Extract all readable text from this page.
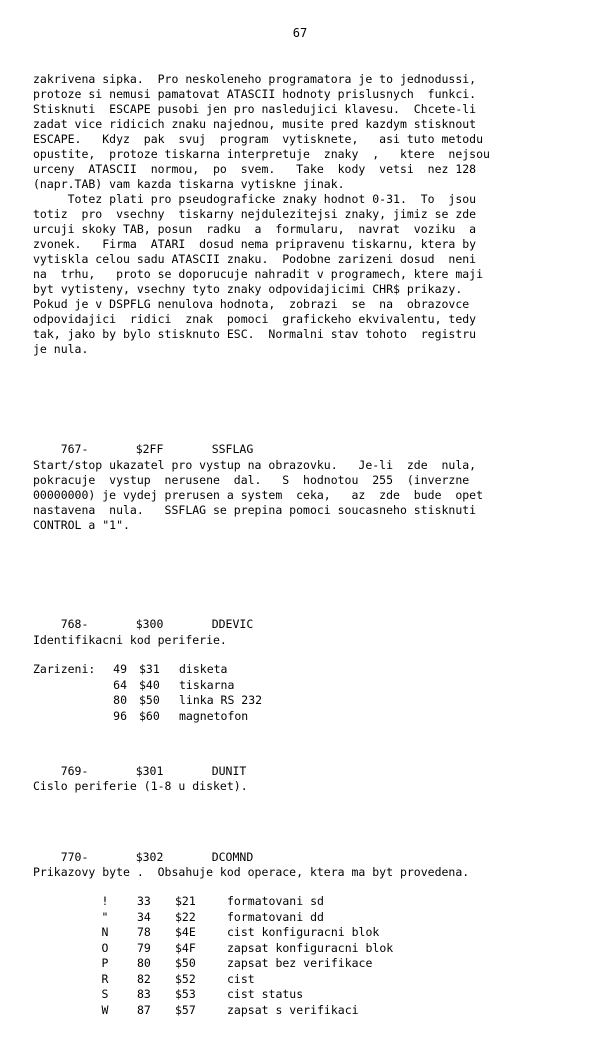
67
zakrivena sipka.  Pro neskoleneho programatora je to jednodussi,
protoze si nemusi pamatovat ATASCII hodnoty prislusnych  funkci.
Stisknuti  ESCAPE pusobi jen pro nasledujici klavesu.  Chcete-li
zadat vice ridicich znaku najednou, musite pred kazdym stisknout
ESCAPE.   Kdyz  pak  svuj  program  vytisknete,   asi tuto metodu
opustite,  protoze tiskarna interpretuje  znaky  ,   ktere  nejsou
urceny  ATASCII  normou,  po  svem.   Take  kody  vetsi  nez 128
(napr.TAB) vam kazda tiskarna vytiskne jinak.
Totez plati pro pseudograficke znaky hodnot 0-31.  To  jsou
totiz  pro  vsechny  tiskarny nejdulezitejsi znaky, jimiz se zde
urcuji skoky TAB, posun  radku  a  formularu,  navrat  voziku  a
zvonek.   Firma  ATARI  dosud nema pripravenu tiskarnu, ktera by
vytiskla celou sadu ATASCII znaku.  Podobne zarizeni dosud  neni
na  trhu,   proto se doporucuje nahradit v programech, ktere maji
byt vytisteny, vsechny tyto znaky odpovidajicimi CHR$ prikazy.
Pokud je v DSPFLG nenulova hodnota,  zobrazi  se  na  obrazovce
odpovidajici  ridici  znak  pomoci  grafickeho ekvivalentu, tedy
tak, jako by bylo stisknuto ESC.  Normalni stav tohoto  registru
je nula.

767-	$2FF	SSFLAG

Start/stop ukazatel pro vystup na obrazovku.   Je-li  zde  nula,
pokracuje  vystup  nerusene  dal.   S  hodnotou  255  (inverzne
00000000) je vydej prerusen a system  ceka,   az  zde  bude  opet
nastavena  nula.   SSFLAG se prepina pomoci soucasneho stisknuti
CONTROL a "1".

768-	$300	DDEVIC

Identifikacni kod periferie.
Zarizeni: 49 $31 disketa
64 $40 tiskarna
80 $50 linka RS 232
96 $60 magnetofon

769-	$301	DUNIT

Cislo periferie (1-8 u disket).

770-	$302	DCOMND

Prikazovy byte .  Obsahuje kod operace, ktera ma byt provedena.
! 33 $21	formatovani sd
" 34 $22	formatovani dd
N 78 $4E	cist konfiguracni blok
O 79 $4F	zapsat konfiguracni blok
P 80 $50	zapsat bez verifikace
R 82 $52	cist
S 83 $53	cist status
W 87 $57	zapsat s verifikaci
